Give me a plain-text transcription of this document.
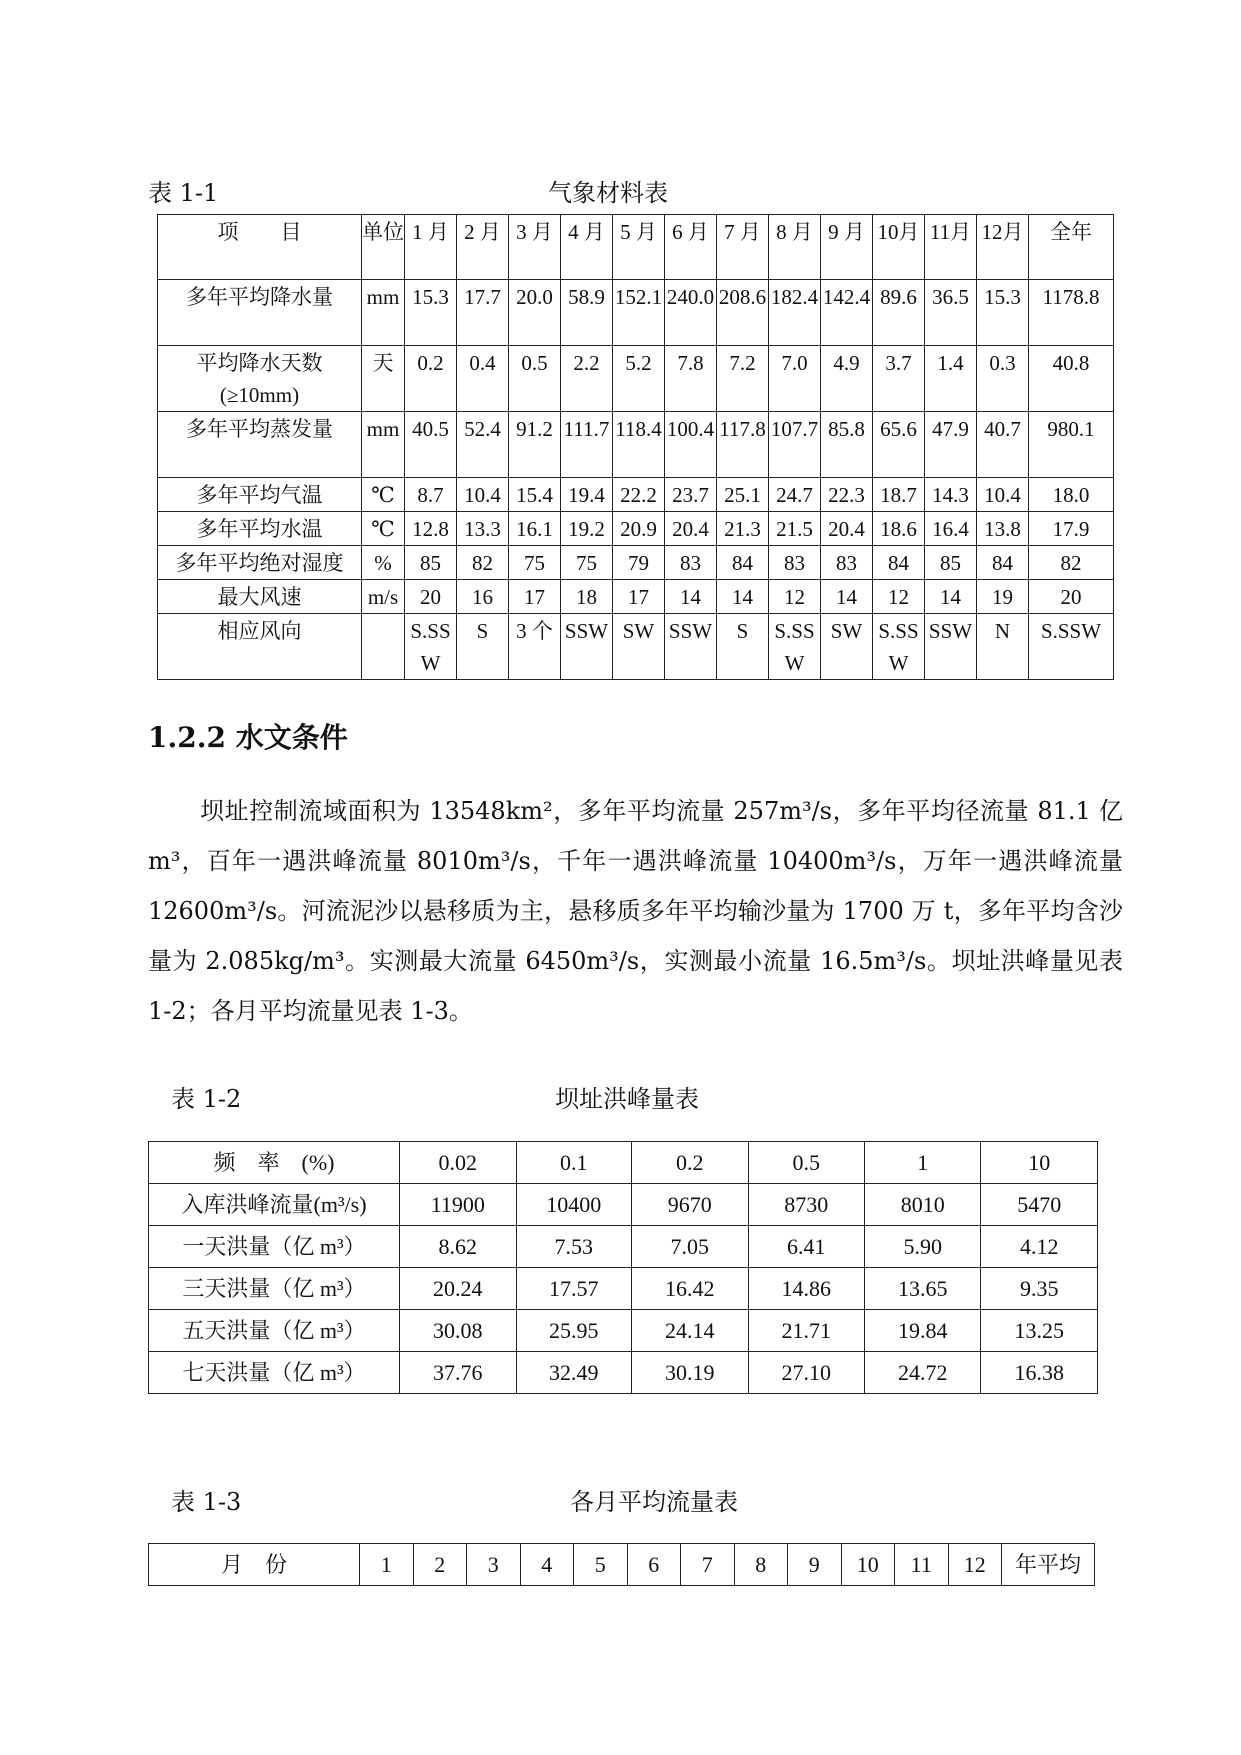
表 1-1	气象材料表
项　　目	单位	1 月	2 月	3 月	4 月	5 月	6 月	7 月	8 月	9 月	10月	11月	12月	全年
多年平均降水量	mm	15.3	17.7	20.0	58.9	152.1	240.0	208.6	182.4	142.4	89.6	36.5	15.3	1178.8
平均降水天数(≥10mm)	天	0.2	0.4	0.5	2.2	5.2	7.8	7.2	7.0	4.9	3.7	1.4	0.3	40.8
多年平均蒸发量	mm	40.5	52.4	91.2	111.7	118.4	100.4	117.8	107.7	85.8	65.6	47.9	40.7	980.1
多年平均气温	℃	8.7	10.4	15.4	19.4	22.2	23.7	25.1	24.7	22.3	18.7	14.3	10.4	18.0
多年平均水温	℃	12.8	13.3	16.1	19.2	20.9	20.4	21.3	21.5	20.4	18.6	16.4	13.8	17.9
多年平均绝对湿度	%	85	82	75	75	79	83	84	83	83	84	85	84	82
最大风速	m/s	20	16	17	18	17	14	14	12	14	12	14	19	20
相应风向		S.SSW	S	3 个	SSW	SW	SSW	S	S.SSW	SW	S.SSW	SSW	N	S.SSW
1.2.2 水文条件

坝址控制流域面积为 13548km²，多年平均流量 257m³/s，多年平均径流量 81.1 亿 m³，百年一遇洪峰流量 8010m³/s，千年一遇洪峰流量 10400m³/s，万年一遇洪峰流量 12600m³/s。河流泥沙以悬移质为主，悬移质多年平均输沙量为 1700 万 t，多年平均含沙量为 2.085kg/m³。实测最大流量 6450m³/s，实测最小流量 16.5m³/s。坝址洪峰量见表 1-2；各月平均流量见表 1-3。

表 1-2	坝址洪峰量表
频　率　(%)	0.02	0.1	0.2	0.5	1	10
入库洪峰流量(m³/s)	11900	10400	9670	8730	8010	5470
一天洪量（亿 m³）	8.62	7.53	7.05	6.41	5.90	4.12
三天洪量（亿 m³）	20.24	17.57	16.42	14.86	13.65	9.35
五天洪量（亿 m³）	30.08	25.95	24.14	21.71	19.84	13.25
七天洪量（亿 m³）	37.76	32.49	30.19	27.10	24.72	16.38
表 1-3	各月平均流量表
月　份	1	2	3	4	5	6	7	8	9	10	11	12	年平均
